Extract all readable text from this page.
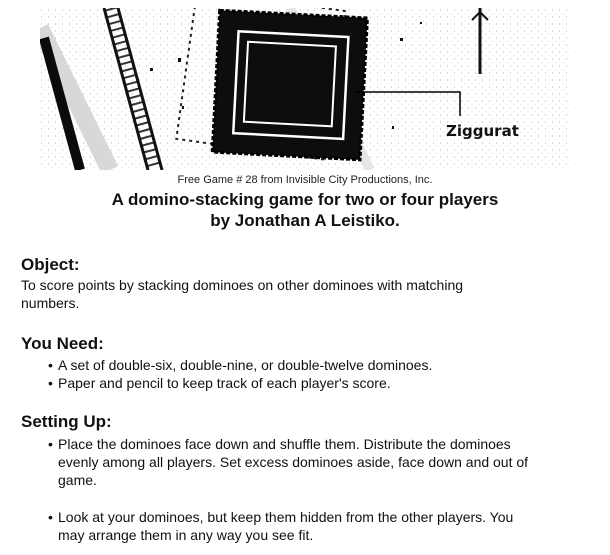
Ziggurat
Free Game # 28 from Invisible City Productions, Inc.
A domino-stacking game for two or four players
by Jonathan A Leistiko.
Object:
To score points by stacking dominoes on other dominoes with matching
numbers.
You Need:
• A set of double-six, double-nine, or double-twelve dominoes.
• Paper and pencil to keep track of each player's score.
Setting Up:
• Place the dominoes face down and shuffle them. Distribute the dominoes
evenly among all players. Set excess dominoes aside, face down and out of
game.
• Look at your dominoes, but keep them hidden from the other players. You
may arrange them in any way you see fit.
